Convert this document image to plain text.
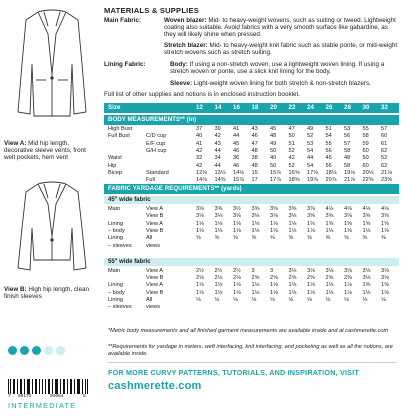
View A: Mid hip length, decorative sleeve vents, front welt pockets, hem vent
View B: High hip length, clean finish sleeves
7 59170	94654	5
INTERMEDIATE
MATERIALS & SUPPLIES
Main Fabric:	Woven blazer: Mid- to heavy-weight wovens, such as suiting or tweed. Lightweight coating also suitable. Avoid fabrics with a very smooth surface like gabardine, as they will likely shine when pressed.
Stretch blazer: Mid- to heavy-weight knit fabric such as stable ponte, or mid-weight stretch wovens such as stretch suiting.
Lining Fabric:	Body: If using a non-stretch woven, use a lightweight woven lining. If using a stretch woven or ponte, use a slick knit lining for the body.
Sleeve: Light-weight woven lining for both stretch & non-stretch blazers.
Full list of other supplies and notions is in enclosed instruction booklet.
Size	12 14 16 18 20 22 24 26 28 30 32
BODY MEASUREMENTS** (in)
High Bust	37 39 41 43 45 47 49 51 53 55 57
Full Bust	C/D cup	40 42 44 46 48 50 52 54 56 58 60
E/F cup	41 43 45 47 49 51 53 55 57 59 61
G/H cup	42 44 46 48 50 52 54 56 58 60 62
Waist	32 34 36 38 40 42 44 46 48 50 52
Hip	42 44 46 48 50 52 54 56 58 60 62
Bicep	Standard	12⅛ 13⅛ 14⅛ 15 15⅞ 16⅝ 17⅛ 18⅛ 19⅛ 20⅛ 21⅛
Full	14⅛ 14⅜ 15⅞ 17 17⅞ 18⅝ 19⅞ 20⅞ 21⅞ 22⅝ 23⅝
FABRIC YARDAGE REQUIREMENTS** (yards)
45" wide fabric
Main	View A	3⅛ 3⅜ 3½ 3⅝ 3⅝ 3⅝ 3⅞ 4⅛ 4⅛ 4⅛ 4⅛
View B	3⅛ 3⅛ 3⅛ 3⅛ 3⅛ 3⅛ 3⅝ 3⅝ 3⅝ 3⅝ 3⅝
Lining	View A	1⅛ 1⅛ 1⅛ 1⅛ 1⅛ 1⅛ 1⅛ 1⅝ 1⅝ 1⅝ 1⅝
– body	View B	1⅛ 1⅛ 1⅛ 1⅛ 1⅛ 1⅛ 1⅛ 1⅛ 1⅛ 1⅛ 1⅛
Lining	All	⅝ ⅝ ⅝ ⅝ ⅝ ⅝ ⅝ ⅝ ⅝ ⅝ ⅝
– sleeves	views
55" wide fabric
Main	View A	2½ 2½ 2½ 3	3	3⅛ 3⅛ 3⅛ 3⅛ 3⅛ 3⅛
View B	2⅛ 2⅛ 2⅛ 2⅝ 2⅝ 2⅝ 2⅝ 2⅝ 2⅝ 3⅛ 3⅛
Lining	View A	1⅛ 1⅛ 1⅛ 1⅛ 1⅛ 1⅛ 1⅛ 1⅛ 1⅛ 1⅝ 1⅝
– body	View B	1⅛ 1⅛ 1⅛ 1⅛ 1⅛ 1⅛ 1⅛ 1⅛ 1⅛ 1⅛ 1⅛
Lining	All	⅛ ⅛ ⅛ ⅛ ⅛ ⅛ ⅛ ⅛ ⅛ ⅛ ⅛
– sleeves	views
*Metric body measurements and all finished garment measurements are available inside and at cashmerette.com
**Requirements for yardage in meters, weft interfacing, knit interfacing, and pocketing as well as all the notions, are available inside.
FOR MORE CURVY PATTERNS, TUTORIALS, AND INSPIRATION, VISIT
cashmerette.com
